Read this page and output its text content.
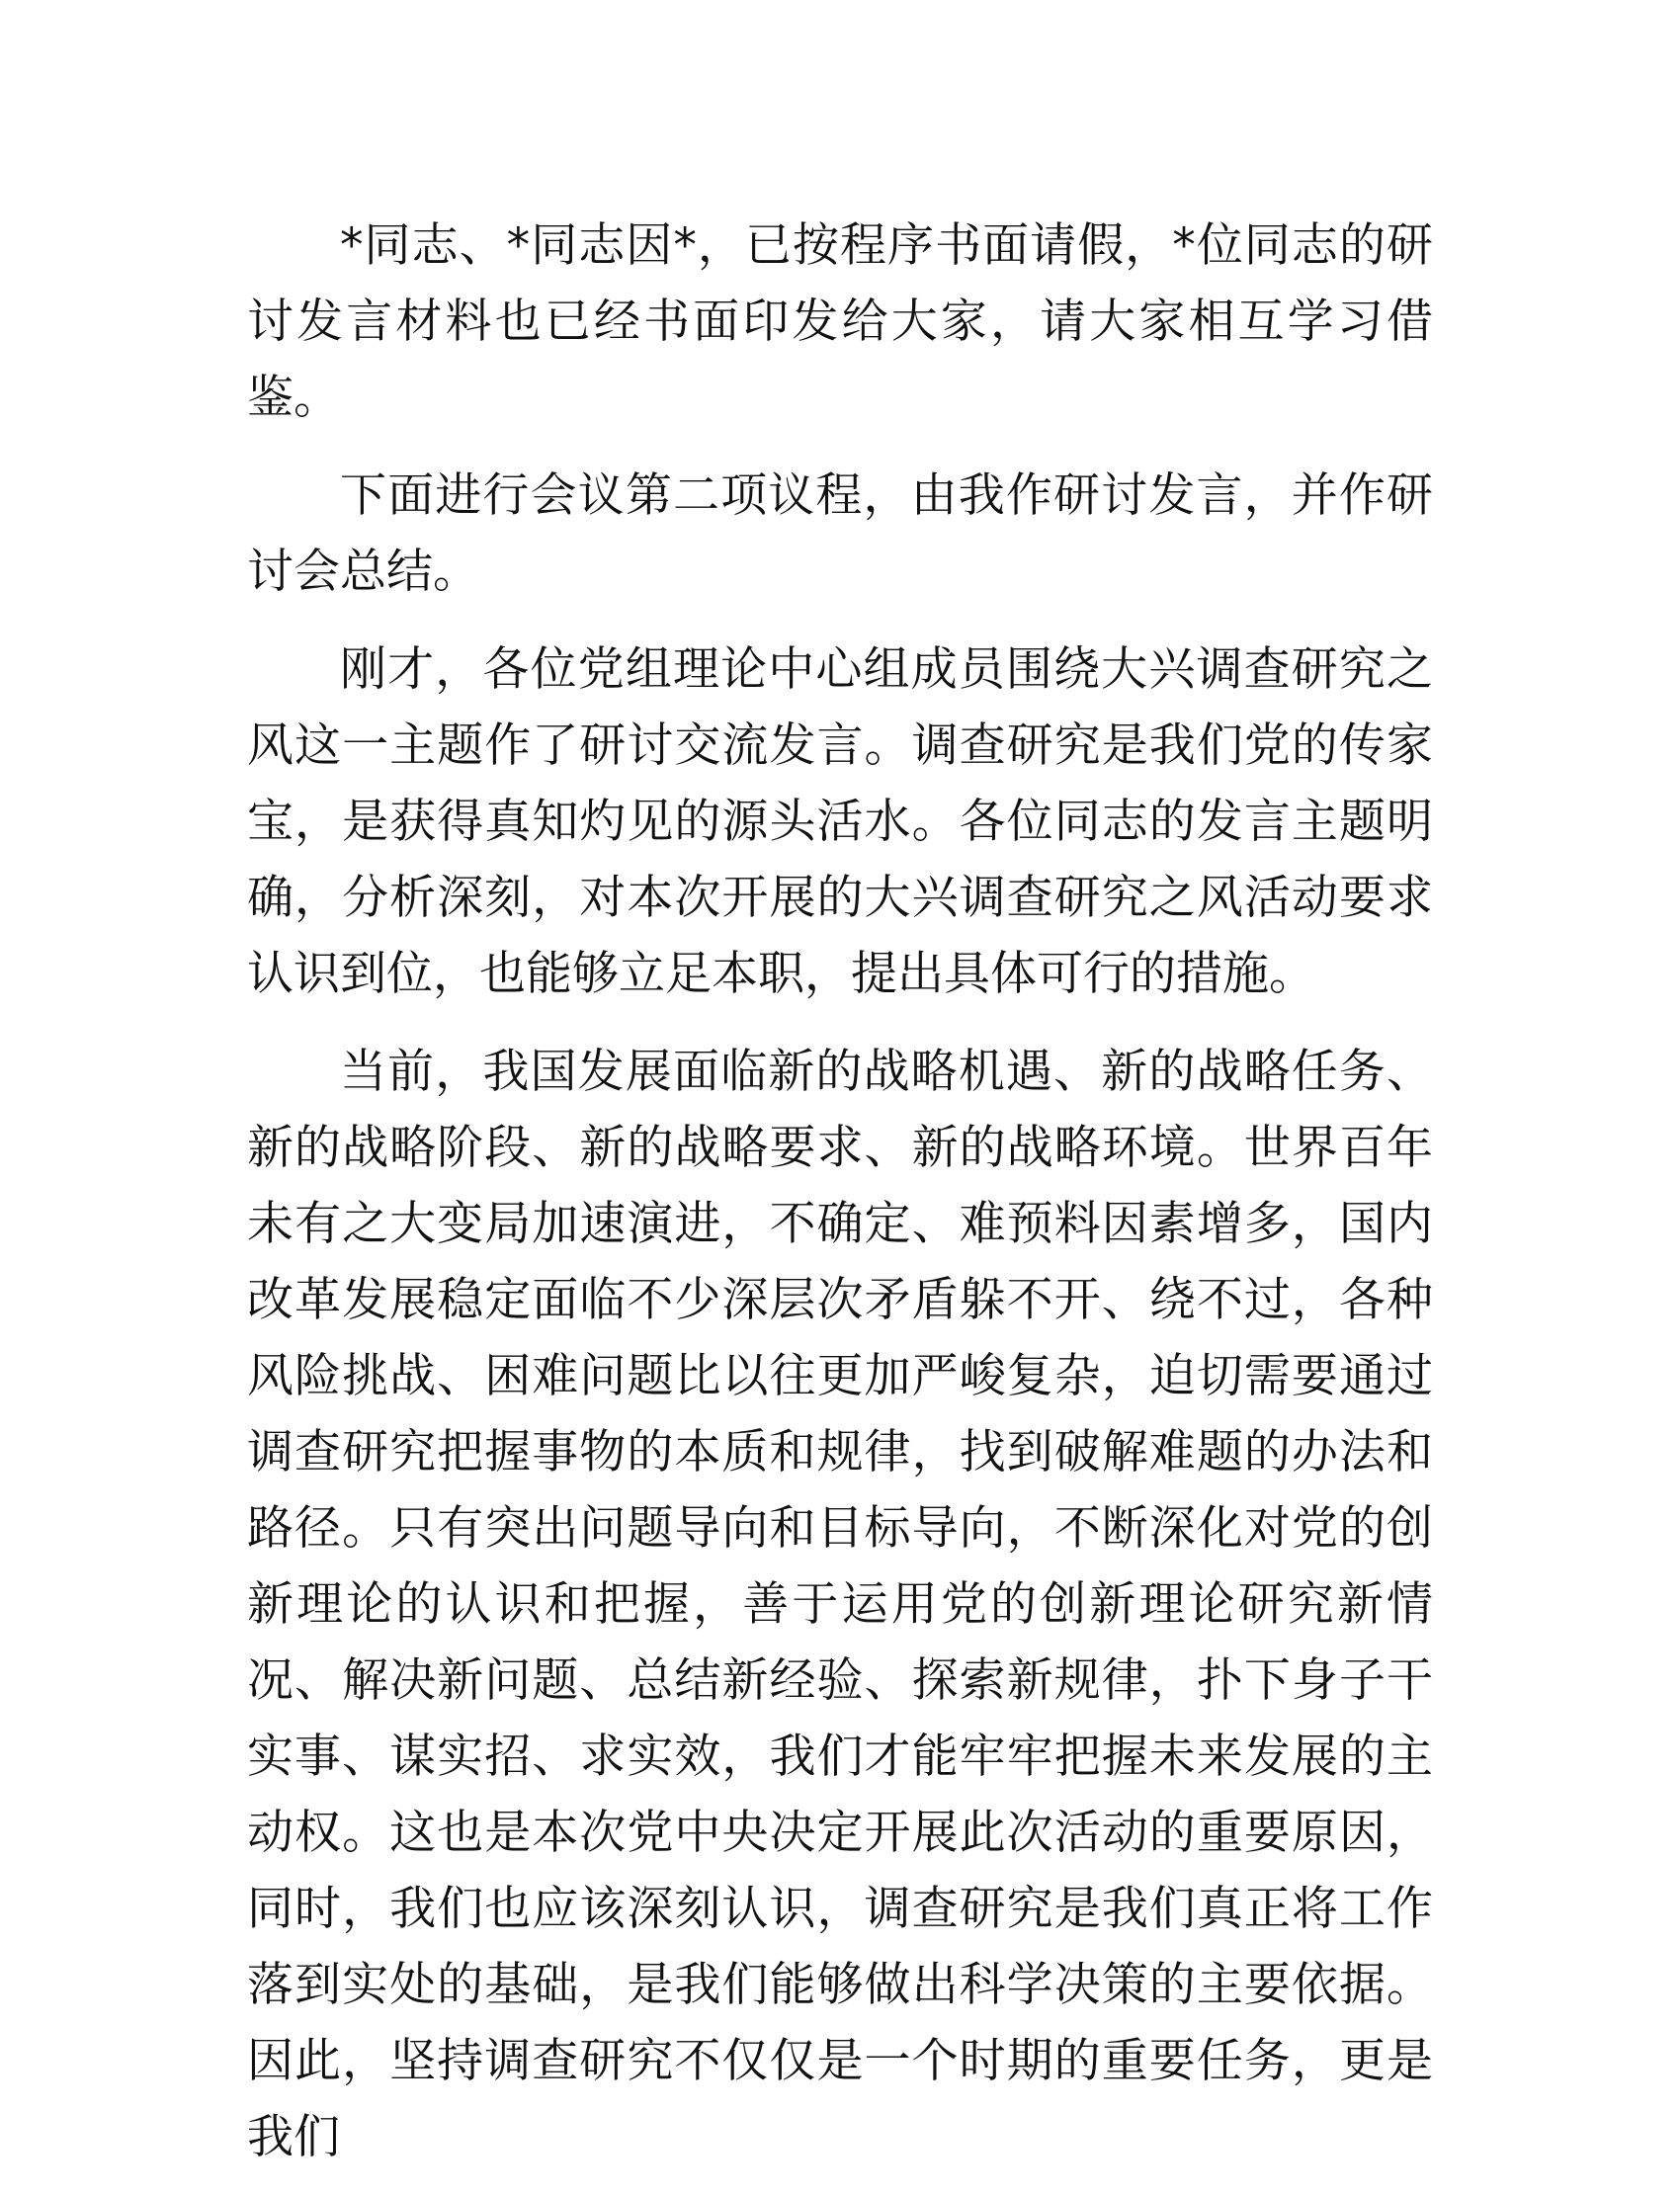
*同志、*同志因*，已按程序书面请假，*位同志的研讨发言材料也已经书面印发给大家，请大家相互学习借鉴。

下面进行会议第二项议程，由我作研讨发言，并作研讨会总结。

刚才，各位党组理论中心组成员围绕大兴调查研究之风这一主题作了研讨交流发言。调查研究是我们党的传家宝，是获得真知灼见的源头活水。各位同志的发言主题明确，分析深刻，对本次开展的大兴调查研究之风活动要求认识到位，也能够立足本职，提出具体可行的措施。

当前，我国发展面临新的战略机遇、新的战略任务、新的战略阶段、新的战略要求、新的战略环境。世界百年未有之大变局加速演进，不确定、难预料因素增多，国内改革发展稳定面临不少深层次矛盾躲不开、绕不过，各种风险挑战、困难问题比以往更加严峻复杂，迫切需要通过调查研究把握事物的本质和规律，找到破解难题的办法和路径。只有突出问题导向和目标导向，不断深化对党的创新理论的认识和把握，善于运用党的创新理论研究新情况、解决新问题、总结新经验、探索新规律，扑下身子干实事、谋实招、求实效，我们才能牢牢把握未来发展的主动权。这也是本次党中央决定开展此次活动的重要原因，同时，我们也应该深刻认识，调查研究是我们真正将工作落到实处的基础，是我们能够做出科学决策的主要依据。因此，坚持调查研究不仅仅是一个时期的重要任务，更是我们
